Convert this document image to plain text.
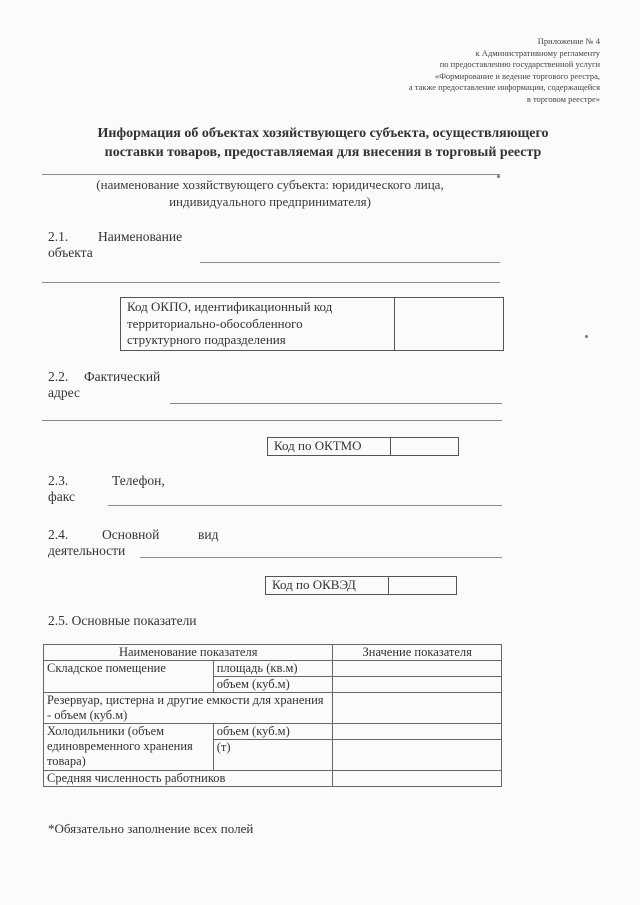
Приложение № 4
к Административному регламенту
по предоставлению государственной услуги
«Формирование и ведение торгового реестра,
а также предоставление информации, содержащейся
в торговом реестре»
Информация об объектах хозяйствующего субъекта, осуществляющего
поставки товаров, предоставляемая для внесения в торговый реестр
(наименование хозяйствующего субъекта: юридического лица,
индивидуального предпринимателя)
2.1. Наименование
объекта
Код ОКПО, идентификационный код
территориально-обособленного
структурного подразделения
2.2. Фактический
адрес
Код по ОКТМО
2.3.	Телефон,
факс
2.4.	Основной	вид
деятельности
Код по ОКВЭД
2.5. Основные показатели
Наименование показателя		Значение показателя
Складское помещение	площадь (кв.м)	
	объем (куб.м)	
Резервуар, цистерна и другие емкости для хранения - объем (куб.м)		
Холодильники (объем единовременного хранения товара)	объем (куб.м)	
	(т)	
Средняя численность работников		
*Обязательно заполнение всех полей
